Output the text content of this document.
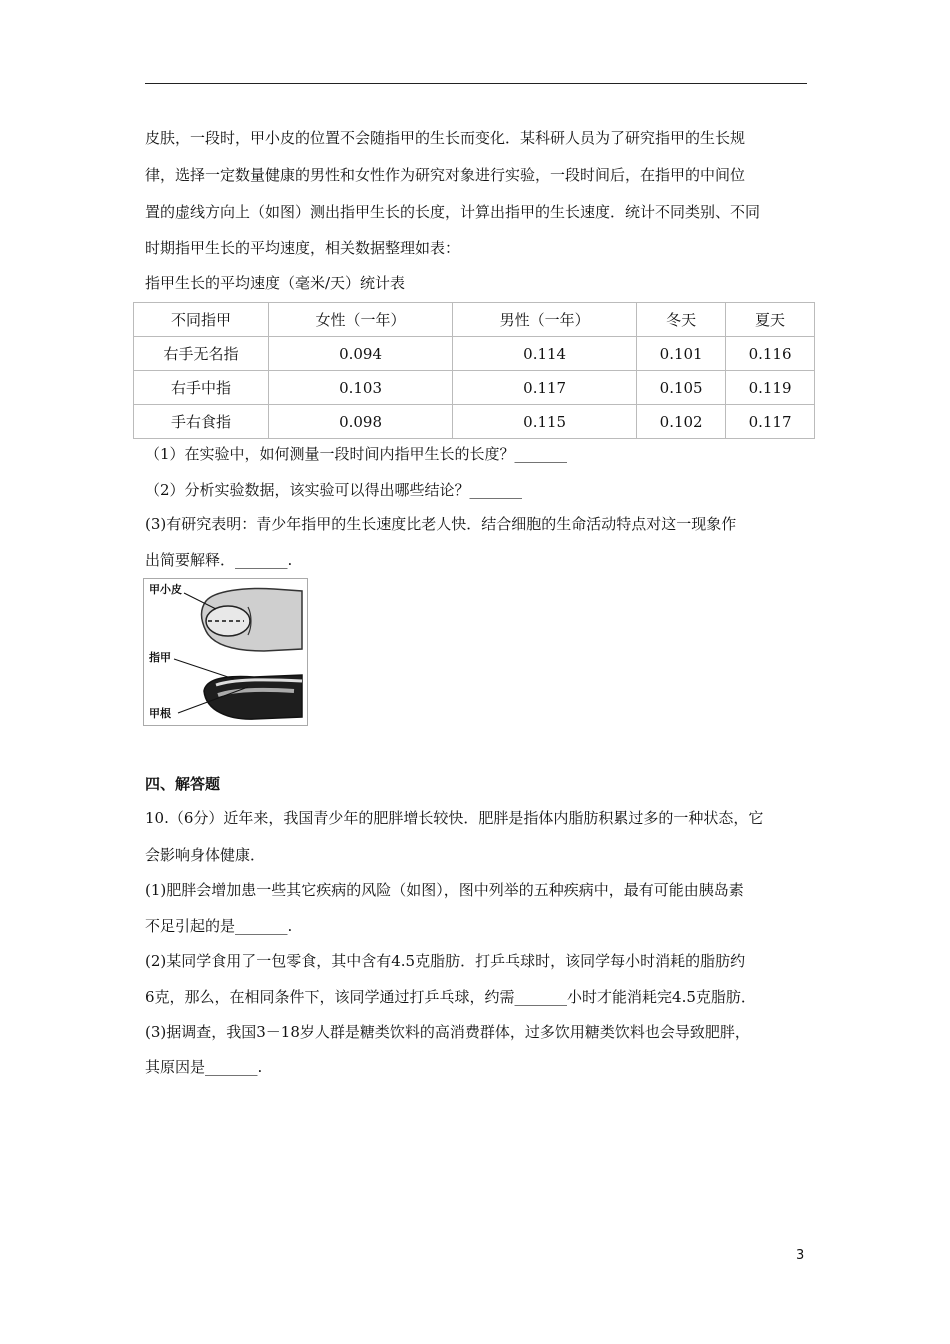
皮肤，一段时，甲小皮的位置不会随指甲的生长而变化．某科研人员为了研究指甲的生长规
律，选择一定数量健康的男性和女性作为研究对象进行实验，一段时间后，在指甲的中间位
置的虚线方向上（如图）测出指甲生长的长度，计算出指甲的生长速度．统计不同类别、不同
时期指甲生长的平均速度，相关数据整理如表：
指甲生长的平均速度（毫米/天）统计表
不同指甲	女性（一年）	男性（一年）	冬天	夏天
右手无名指	0.094	0.114	0.101	0.116
右手中指	0.103	0.117	0.105	0.119
手右食指	0.098	0.115	0.102	0.117
（1）在实验中，如何测量一段时间内指甲生长的长度？_______
（2）分析实验数据，该实验可以得出哪些结论？_______
(3)有研究表明：青少年指甲的生长速度比老人快．结合细胞的生命活动特点对这一现象作
出简要解释．_______.
甲小皮
指甲
甲根
四、解答题
10.（6分）近年来，我国青少年的肥胖增长较快．肥胖是指体内脂肪积累过多的一种状态，它
会影响身体健康．
(1)肥胖会增加患一些其它疾病的风险（如图），图中列举的五种疾病中，最有可能由胰岛素
不足引起的是_______.
(2)某同学食用了一包零食，其中含有4.5克脂肪．打乒乓球时，该同学每小时消耗的脂肪约
6克，那么，在相同条件下，该同学通过打乒乓球，约需_______小时才能消耗完4.5克脂肪．
(3)据调查，我国3－18岁人群是糖类饮料的高消费群体，过多饮用糖类饮料也会导致肥胖，
其原因是_______.
3
